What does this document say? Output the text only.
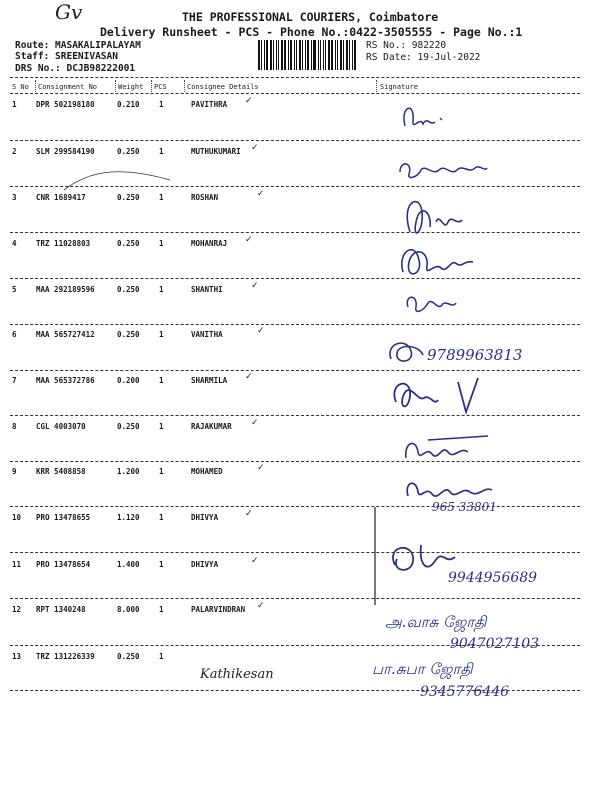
Gv	THE PROFESSIONAL COURIERS, Coimbatore
Delivery Runsheet - PCS - Phone No.:0422-3505555 - Page No.:1
Route: MASAKALIPALAYAM
Staff: SREENIVASAN
DRS No.: DCJB98222001
RS No.: 982220
RS Date: 19-Jul-2022
S No Consignment No	Weight PCS	Consignee Details	Signature
1	DPR 502198180	0.210	1	PAVITHRA ✓
2	SLM 299584190	0.250	1	MUTHUKUMARI ✓
3	CNR 1689417	0.250	1	ROSHAN	✓
4	TRZ 11028803	0.250	1	MOHANRAJ ✓
5	MAA 292189596	0.250	1	SHANTHI	✓
6	MAA 565727412	0.250	1	VANITHA	✓
7	MAA 565372786	0.200	1	SHARMILA ✓
8	CGL 4003070	0.250	1	RAJAKUMAR ✓
9	KRR 5408858	1.200	1	MOHAMED	✓
10 PRO 13478655	1.120	1	DHIVYA	✓
11 PRO 13478654	1.400	1	DHIVYA	✓
12 RPT 1340248	8.000	1	PALARVINDRAN ✓
13 TRZ 131226339	0.250	1
9789963813
965 33801
9944956689
அ.வாசு ஜோதி
9047027103
Kathikesan	பா.சுபா ஜோதி
9345776446
